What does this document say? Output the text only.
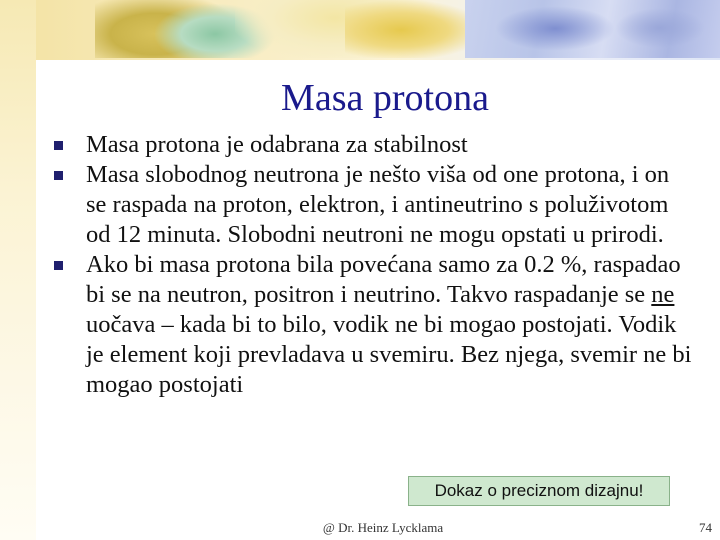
Masa protona
Masa protona je odabrana za stabilnost
Masa slobodnog neutrona je nešto viša od one protona, i on se raspada na proton, elektron, i antineutrino s poluživotom od 12 minuta. Slobodni neutroni ne mogu opstati u prirodi.
Ako bi masa protona bila povećana samo za 0.2 %, raspadao bi se na neutron, positron i neutrino. Takvo raspadanje se ne uočava – kada bi to bilo, vodik ne bi mogao postojati. Vodik je element koji prevladava u svemiru. Bez njega, svemir ne bi mogao postojati
Dokaz o preciznom dizajnu!
@ Dr. Heinz Lycklama	74
